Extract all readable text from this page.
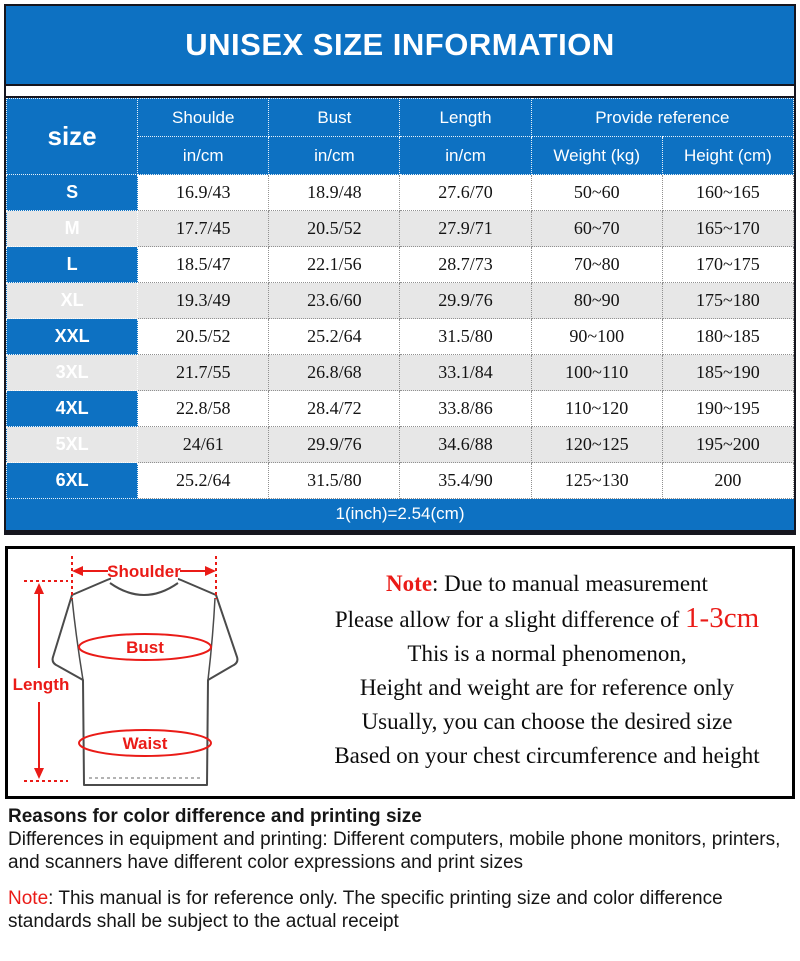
UNISEX SIZE INFORMATION
size	Shoulde	Bust	Length	Provide reference	
	in/cm	in/cm	in/cm	Weight (kg)	Height (cm)
S	16.9/43	18.9/48	27.6/70	50~60	160~165
M	17.7/45	20.5/52	27.9/71	60~70	165~170
L	18.5/47	22.1/56	28.7/73	70~80	170~175
XL	19.3/49	23.6/60	29.9/76	80~90	175~180
XXL	20.5/52	25.2/64	31.5/80	90~100	180~185
3XL	21.7/55	26.8/68	33.1/84	100~110	185~190
4XL	22.8/58	28.4/72	33.8/86	110~120	190~195
5XL	24/61	29.9/76	34.6/88	120~125	195~200
6XL	25.2/64	31.5/80	35.4/90	125~130	200
1(inch)=2.54(cm)					
Shoulder
Bust
Waist
Length
Note: Due to manual measurement
Please allow for a slight difference of 1-3cm
This is a normal phenomenon,
Height and weight are for reference only
Usually, you can choose the desired size
Based on your chest circumference and height
Reasons for color difference and printing size
Differences in equipment and printing: Different computers, mobile phone monitors, printers, and scanners have different color expressions and print sizes
Note: This manual is for reference only. The specific printing size and color difference standards shall be subject to the actual receipt
